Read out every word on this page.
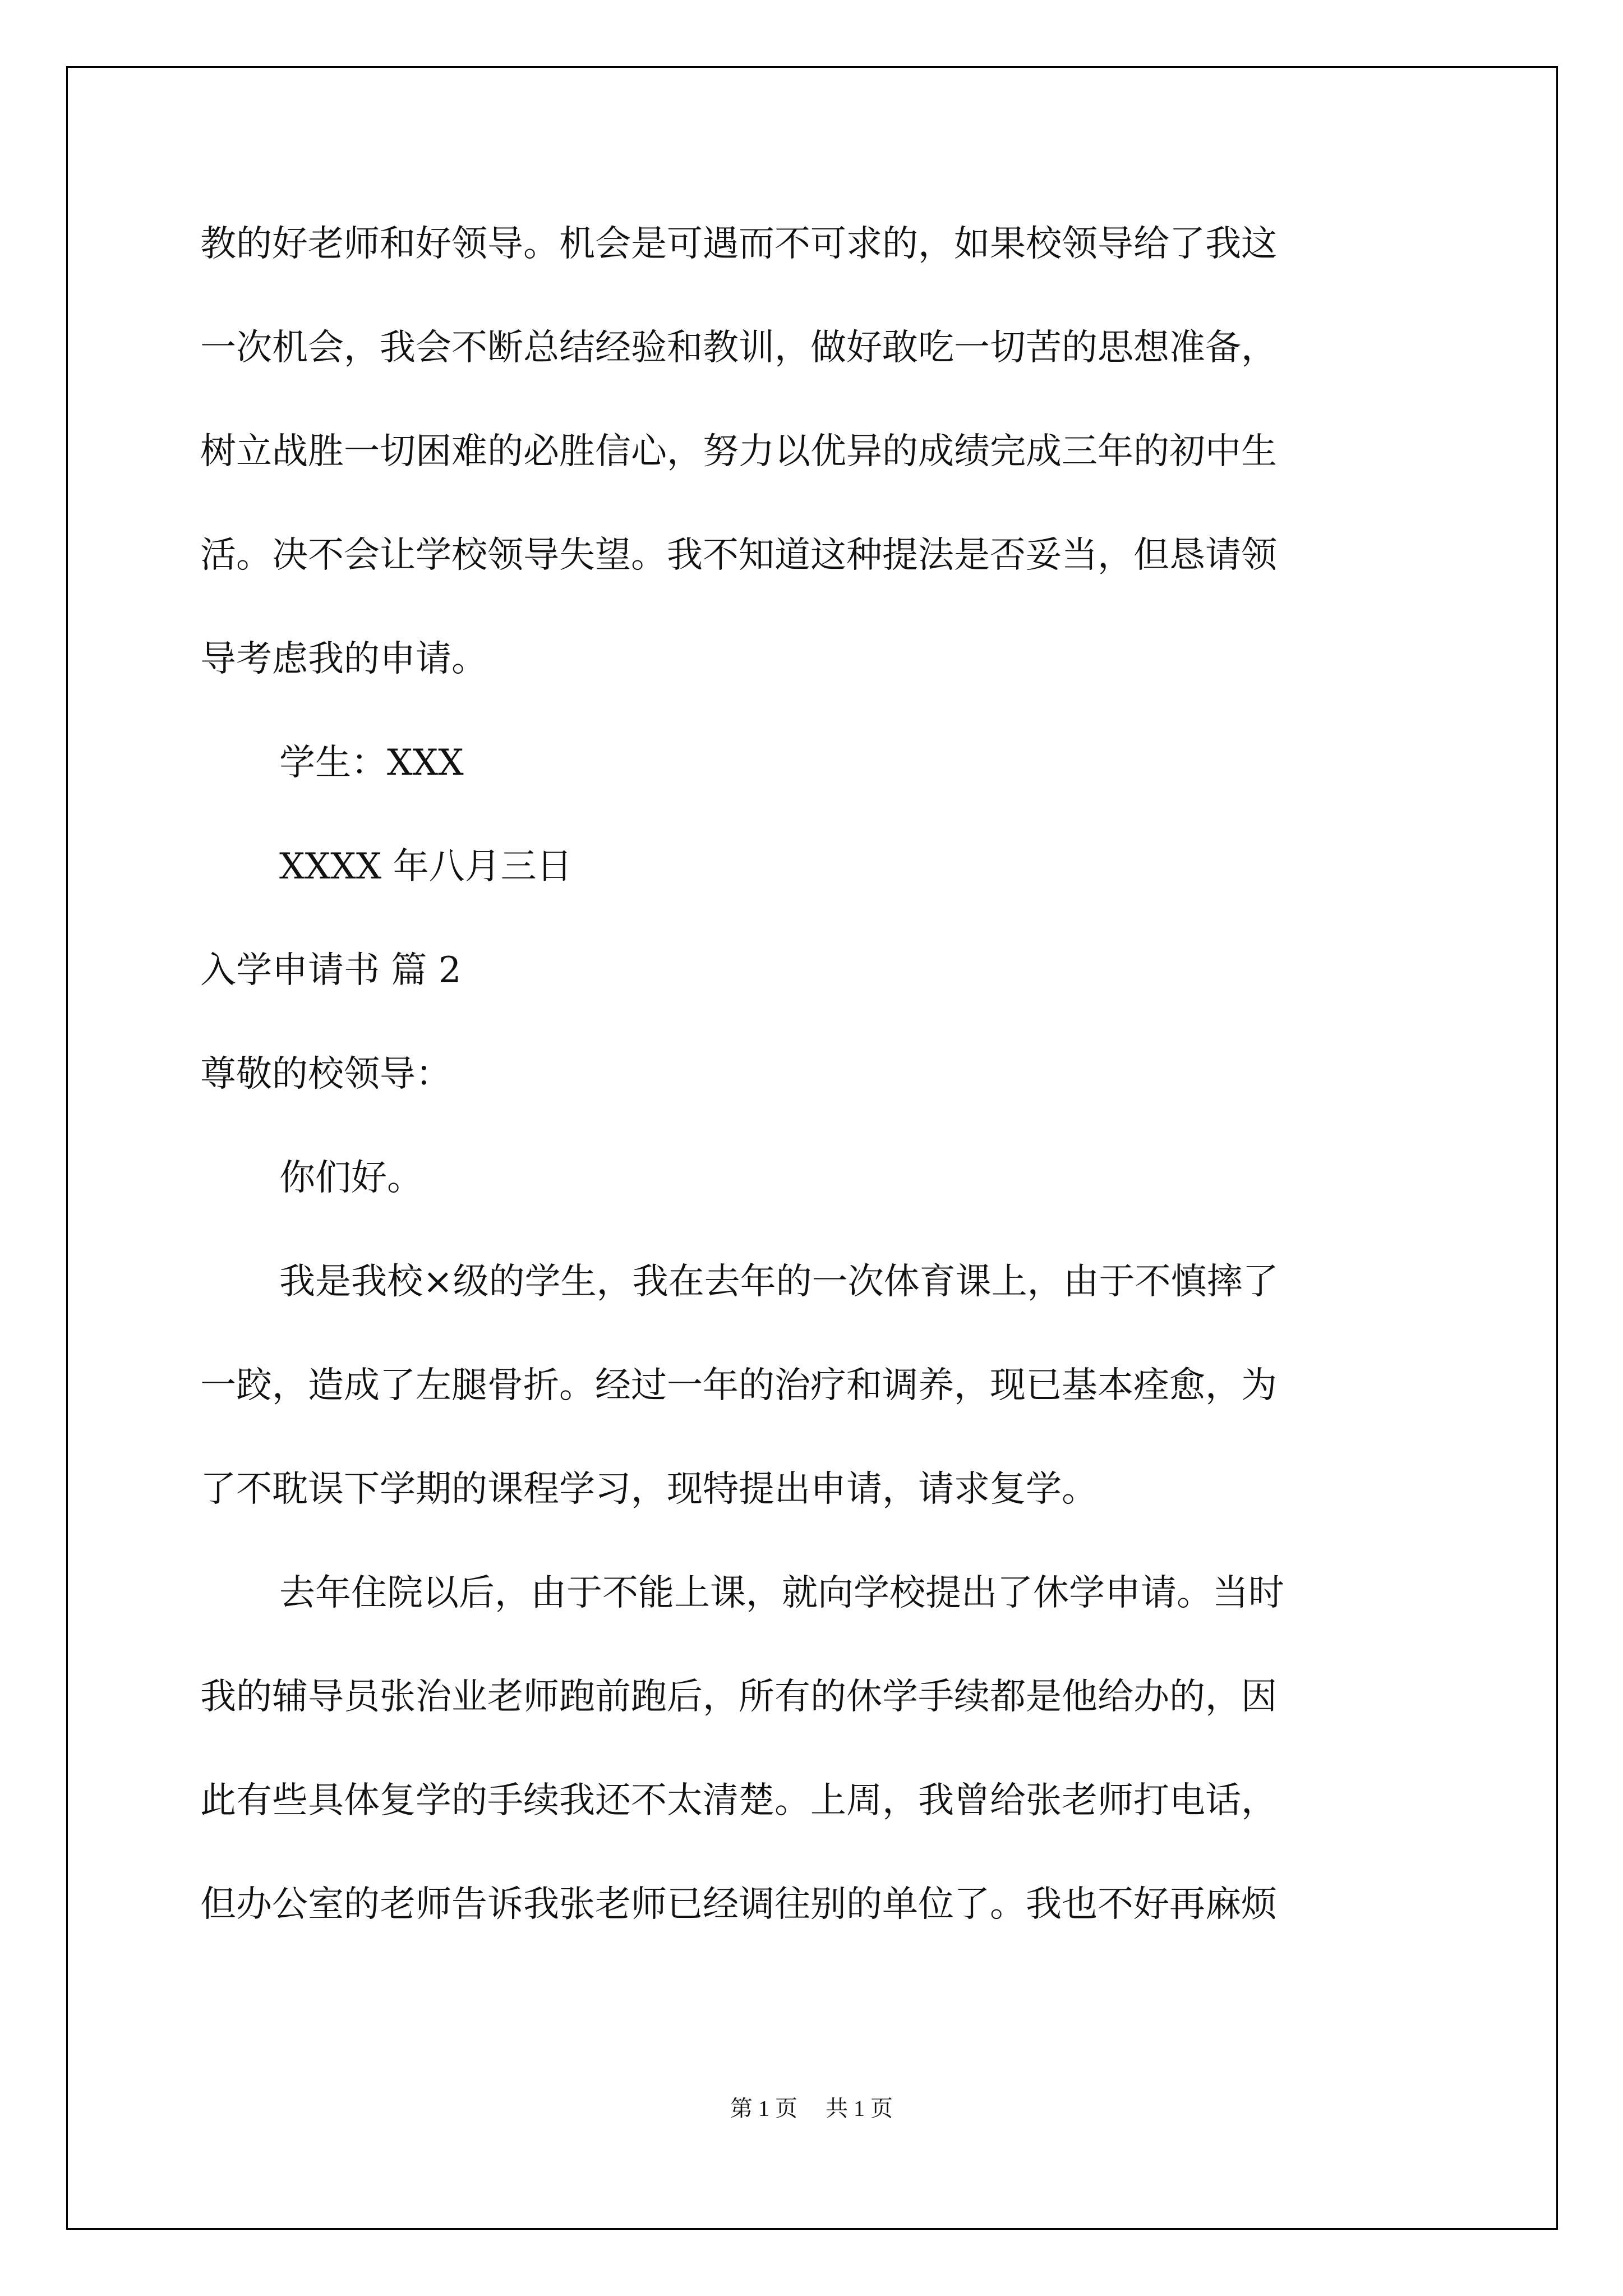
教的好老师和好领导。机会是可遇而不可求的，如果校领导给了我这
一次机会，我会不断总结经验和教训，做好敢吃一切苦的思想准备，
树立战胜一切困难的必胜信心，努力以优异的成绩完成三年的初中生
活。决不会让学校领导失望。我不知道这种提法是否妥当，但恳请领
导考虑我的申请。
学生：XXX
XXXX 年八月三日
入学申请书 篇 2
尊敬的校领导：
你们好。
我是我校×级的学生，我在去年的一次体育课上，由于不慎摔了
一跤，造成了左腿骨折。经过一年的治疗和调养，现已基本痊愈，为
了不耽误下学期的课程学习，现特提出申请，请求复学。
去年住院以后，由于不能上课，就向学校提出了休学申请。当时
我的辅导员张治业老师跑前跑后，所有的休学手续都是他给办的，因
此有些具体复学的手续我还不太清楚。上周，我曾给张老师打电话，
但办公室的老师告诉我张老师已经调往别的单位了。我也不好再麻烦
第 1 页 共 1 页
